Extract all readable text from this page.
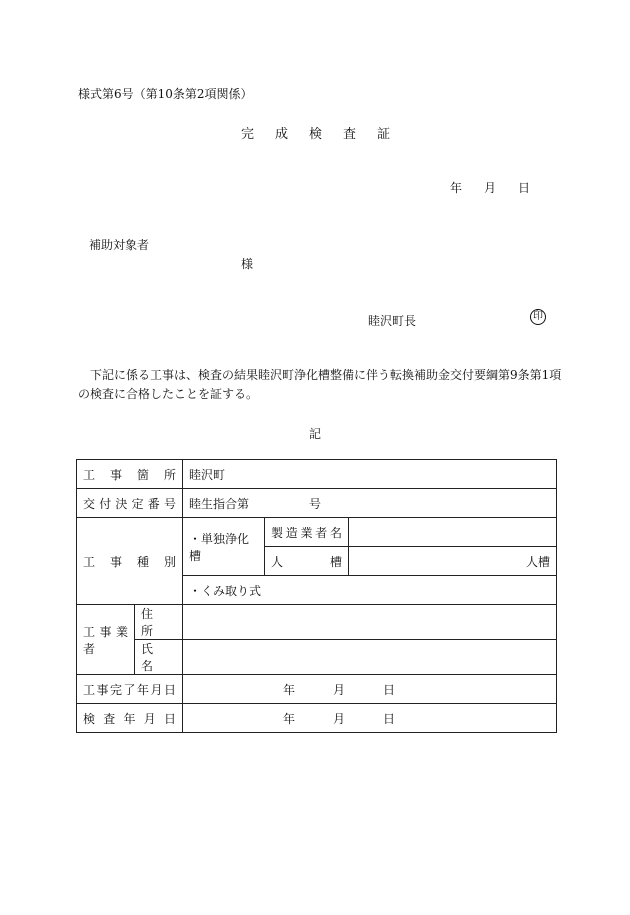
様式第6号（第10条第2項関係）
完 成 検 査 証
年 月 日
補助対象者
様
睦沢町長	印
下記に係る工事は、検査の結果睦沢町浄化槽整備に伴う転換補助金交付要綱第9条第1項
の検査に合格したことを証する。
記
工　事　箇　所		睦沢町		
交付決定番号		睦生指合第 号		
工　事　種　別		・単独浄化槽	製造業者名	
			人　　　槽	人槽
		・くみ取り式		
工事業者	住　所			
	氏　名			
工事完了年月日		年 月 日		
検査年月日		年 月 日		
